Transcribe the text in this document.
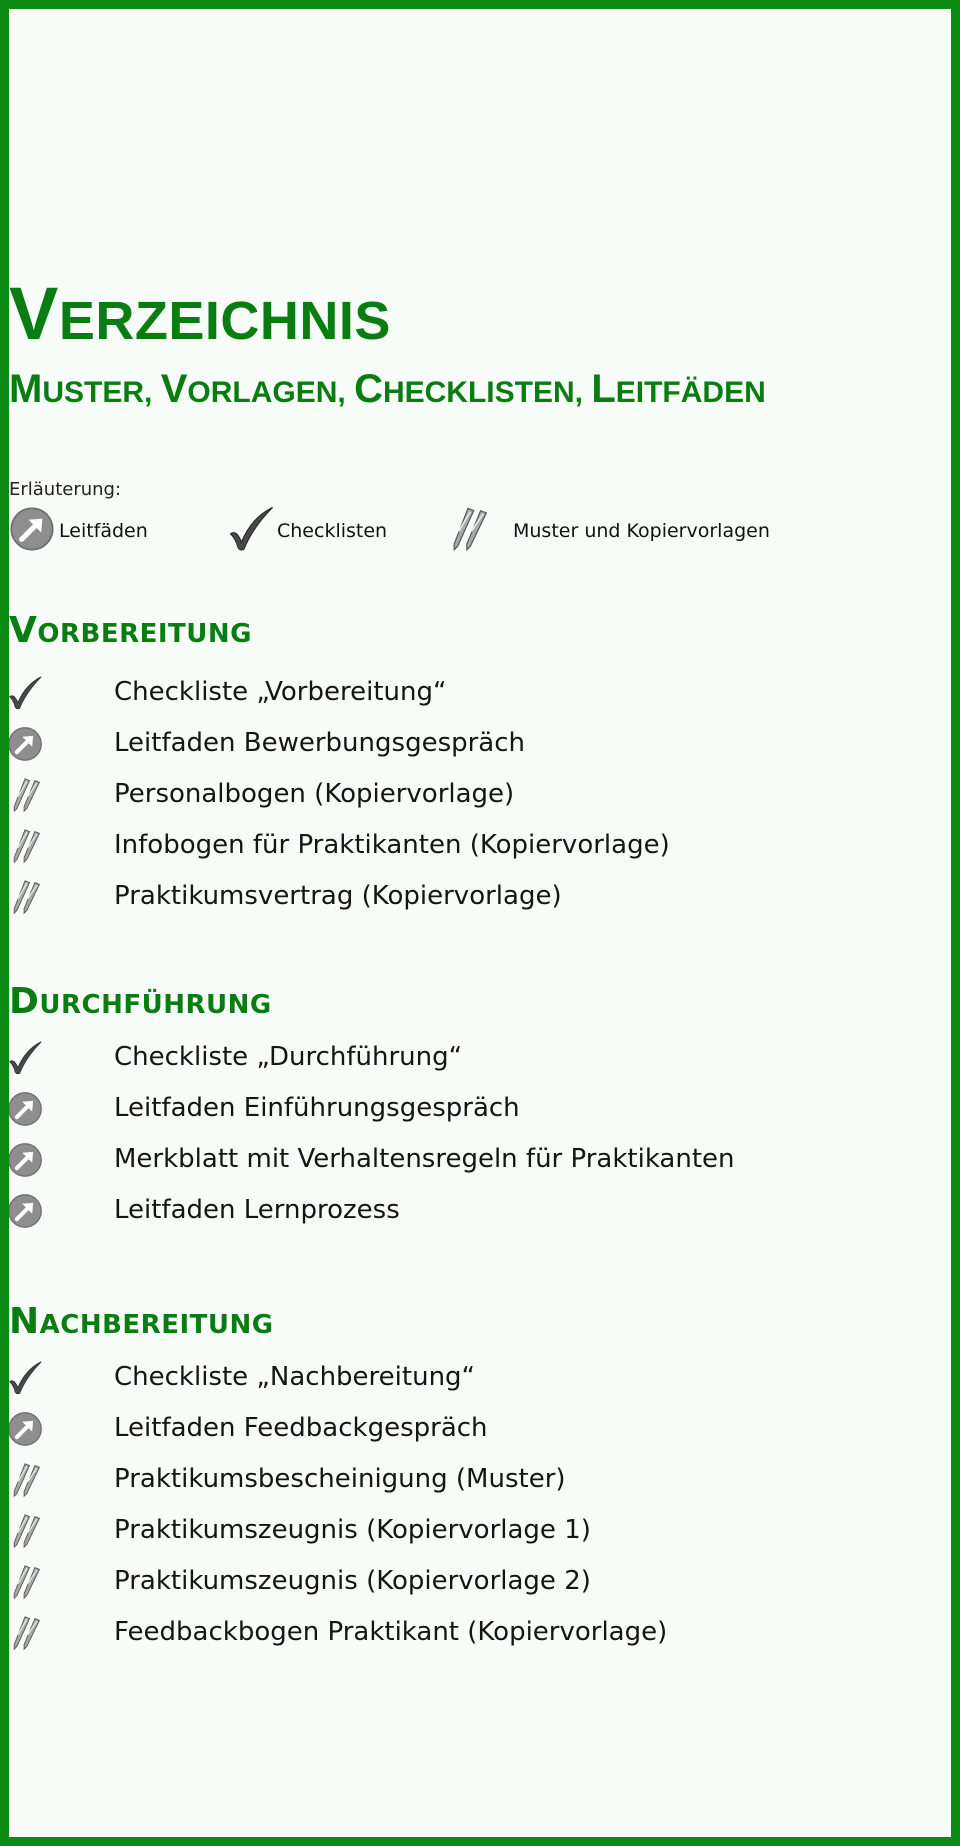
VERZEICHNIS
MUSTER, VORLAGEN, CHECKLISTEN, LEITFÄDEN
Erläuterung:
Leitfäden	Checklisten	Muster und Kopiervorlagen
VORBEREITUNG
Checkliste „Vorbereitung“
Leitfaden Bewerbungsgespräch
Personalbogen (Kopiervorlage)
Infobogen für Praktikanten (Kopiervorlage)
Praktikumsvertrag (Kopiervorlage)
DURCHFÜHRUNG
Checkliste „Durchführung“
Leitfaden Einführungsgespräch
Merkblatt mit Verhaltensregeln für Praktikanten
Leitfaden Lernprozess
NACHBEREITUNG
Checkliste „Nachbereitung“
Leitfaden Feedbackgespräch
Praktikumsbescheinigung (Muster)
Praktikumszeugnis (Kopiervorlage 1)
Praktikumszeugnis (Kopiervorlage 2)
Feedbackbogen Praktikant (Kopiervorlage)
